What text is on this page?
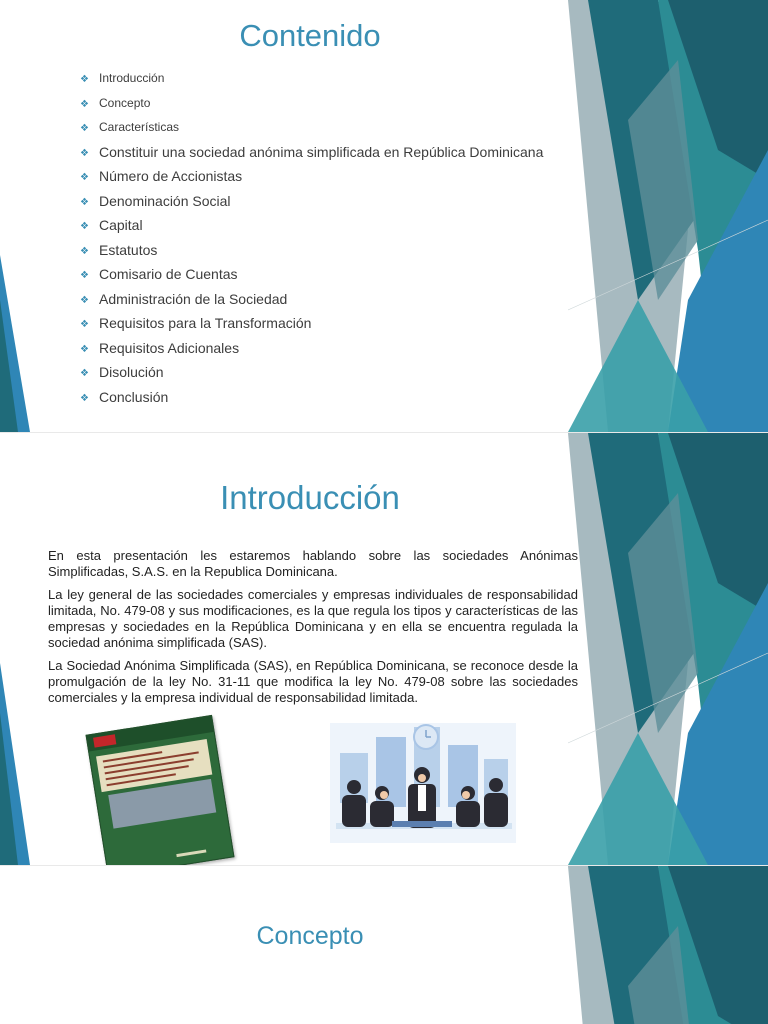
Contenido
❖ Introducción
❖ Concepto
❖ Características
❖ Constituir una sociedad anónima simplificada en República Dominicana
❖ Número de Accionistas
❖ Denominación Social
❖ Capital
❖ Estatutos
❖ Comisario de Cuentas
❖ Administración de la Sociedad
❖ Requisitos para la Transformación
❖ Requisitos Adicionales
❖ Disolución
❖ Conclusión
Introducción

En esta presentación les estaremos hablando sobre las sociedades Anónimas Simplificadas, S.A.S. en la Republica Dominicana.

La ley general de las sociedades comerciales y empresas individuales de responsabilidad limitada, No. 479-08 y sus modificaciones, es la que regula los tipos y características de las empresas y sociedades en la República Dominicana y en ella se encuentra regulada la sociedad anónima simplificada (SAS).

La Sociedad Anónima Simplificada (SAS), en República Dominicana, se reconoce desde la promulgación de la ley No. 31-11 que modifica la ley No. 479-08 sobre las sociedades comerciales y la empresa individual de responsabilidad limitada.

Concepto
